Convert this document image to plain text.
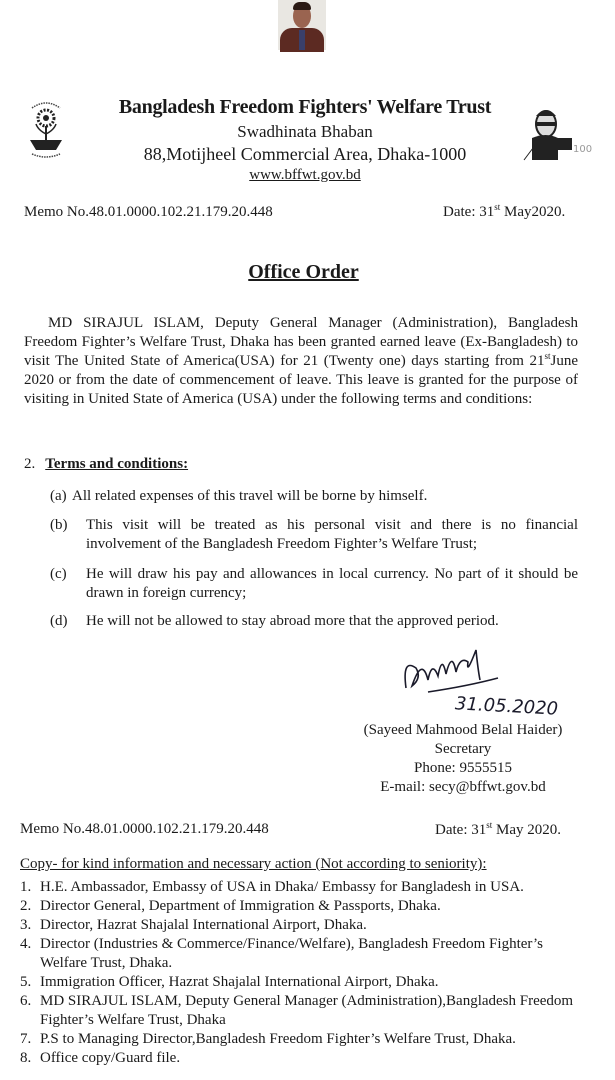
100
Bangladesh Freedom Fighters' Welfare Trust
Swadhinata Bhaban
88,Motijheel Commercial Area, Dhaka-1000
www.bffwt.gov.bd
Memo No.48.01.0000.102.21.179.20.448	Date: 31st May2020.
Office Order
MD SIRAJUL ISLAM, Deputy General Manager (Administration), Bangladesh Freedom Fighter’s Welfare Trust, Dhaka has been granted earned leave (Ex-Bangladesh) to visit The United State of America(USA) for 21 (Twenty one) days starting from 21stJune 2020 or from the date of commencement of leave. This leave is granted for the purpose of visiting in United State of America (USA) under the following terms and conditions:
2. Terms and conditions:
(a) All related expenses of this travel will be borne by himself.
(b)	This visit will be treated as his personal visit and there is no financial involvement of the Bangladesh Freedom Fighter’s Welfare Trust;
(c)	He will draw his pay and allowances in local currency. No part of it should be drawn in foreign currency;
(d)	He will not be allowed to stay abroad more that the approved period.
31.05.2020
(Sayeed Mahmood Belal Haider)
Secretary
Phone: 9555515
E-mail: secy@bffwt.gov.bd
Memo No.48.01.0000.102.21.179.20.448	Date: 31st May 2020.
Copy- for kind information and necessary action (Not according to seniority):
1. H.E. Ambassador, Embassy of USA in Dhaka/ Embassy for Bangladesh in USA.
2. Director General, Department of Immigration & Passports, Dhaka.
3. Director, Hazrat Shajalal International Airport, Dhaka.
4. Director (Industries & Commerce/Finance/Welfare), Bangladesh Freedom Fighter’s Welfare Trust, Dhaka.
5. Immigration Officer, Hazrat Shajalal International Airport, Dhaka.
6. MD SIRAJUL ISLAM, Deputy General Manager (Administration),Bangladesh Freedom Fighter’s Welfare Trust, Dhaka
7. P.S to Managing Director,Bangladesh Freedom Fighter’s Welfare Trust, Dhaka.
8. Office copy/Guard file.
